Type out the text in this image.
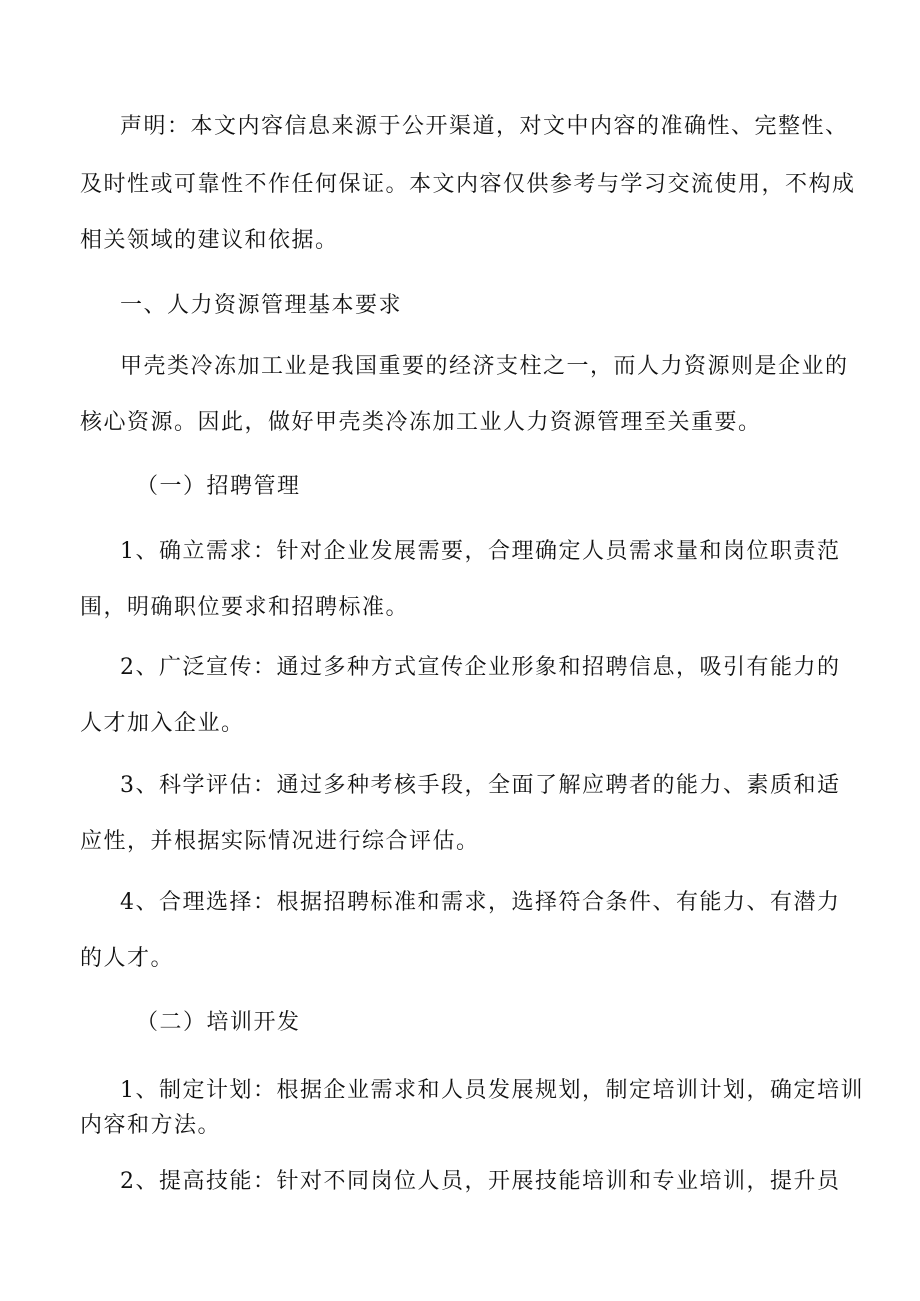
声明：本文内容信息来源于公开渠道，对文中内容的准确性、完整性、
及时性或可靠性不作任何保证。本文内容仅供参考与学习交流使用，不构成
相关领域的建议和依据。
一、人力资源管理基本要求
甲壳类冷冻加工业是我国重要的经济支柱之一，而人力资源则是企业的
核心资源。因此，做好甲壳类冷冻加工业人力资源管理至关重要。
（一）招聘管理
1、确立需求：针对企业发展需要，合理确定人员需求量和岗位职责范
围，明确职位要求和招聘标准。
2、广泛宣传：通过多种方式宣传企业形象和招聘信息，吸引有能力的
人才加入企业。
3、科学评估：通过多种考核手段，全面了解应聘者的能力、素质和适
应性，并根据实际情况进行综合评估。
4、合理选择：根据招聘标准和需求，选择符合条件、有能力、有潜力
的人才。
（二）培训开发
1、制定计划：根据企业需求和人员发展规划，制定培训计划，确定培训
内容和方法。
2、提高技能：针对不同岗位人员，开展技能培训和专业培训，提升员
